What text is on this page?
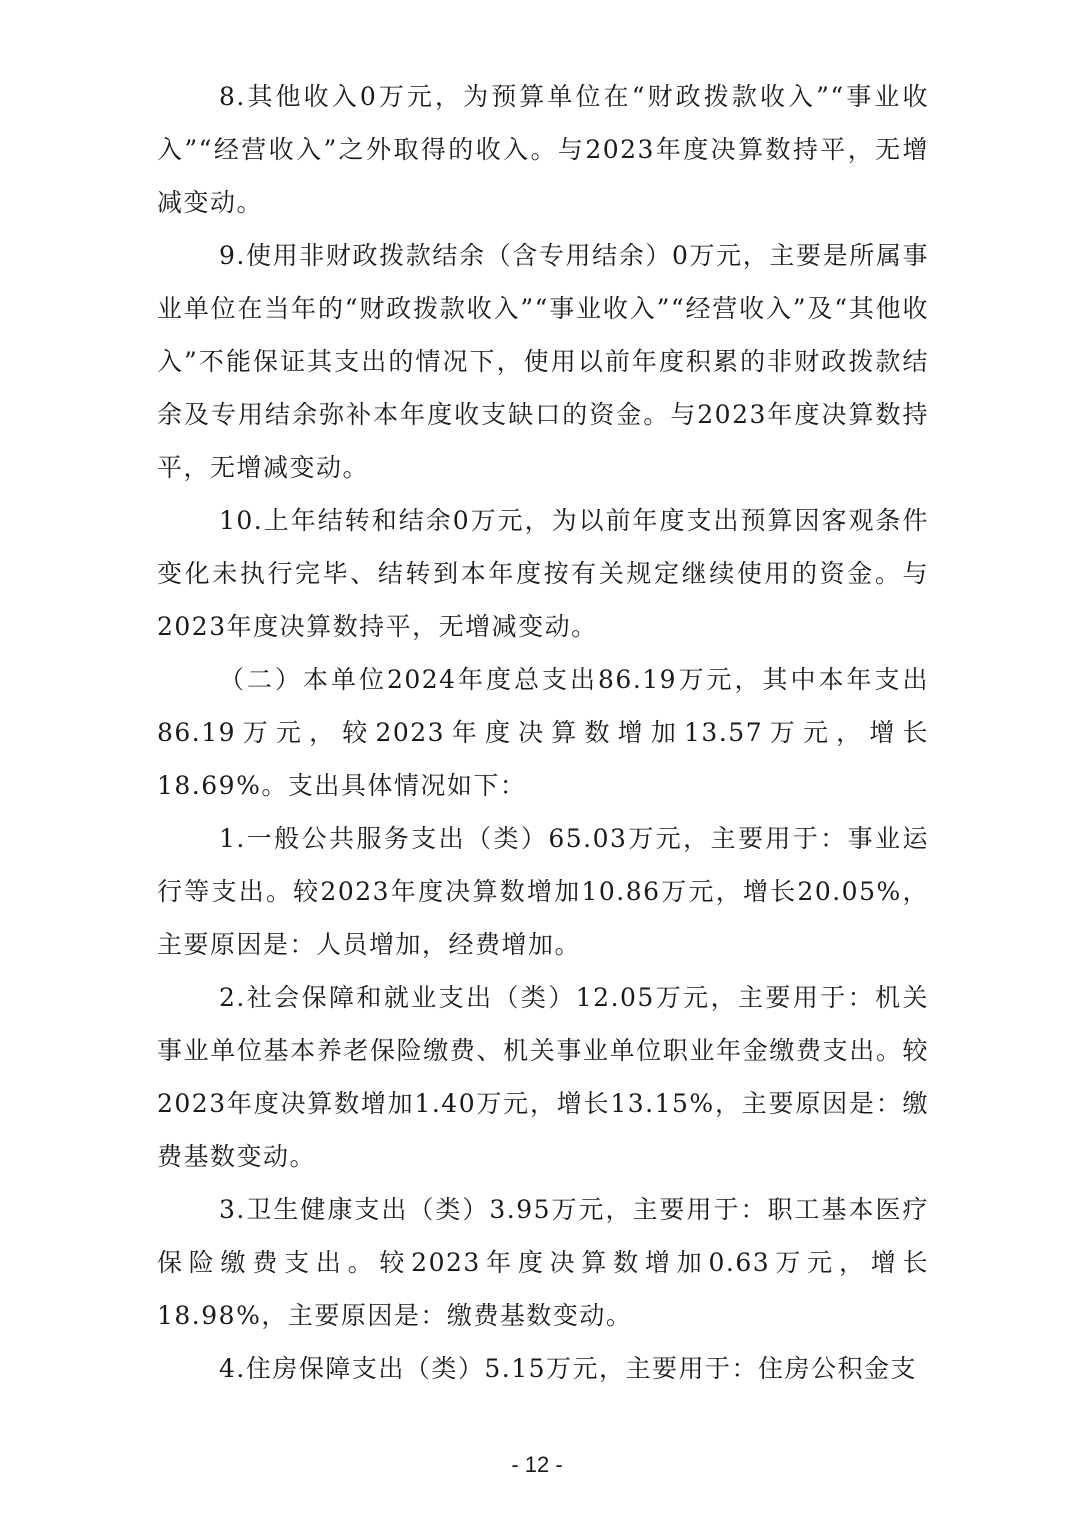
8.其他收入0万元，为预算单位在“财政拨款收入”“事业收入”“经营收入”之外取得的收入。与2023年度决算数持平，无增减变动。

9.使用非财政拨款结余（含专用结余）0万元，主要是所属事业单位在当年的“财政拨款收入”“事业收入”“经营收入”及“其他收入”不能保证其支出的情况下，使用以前年度积累的非财政拨款结余及专用结余弥补本年度收支缺口的资金。与2023年度决算数持平，无增减变动。

10.上年结转和结余0万元，为以前年度支出预算因客观条件变化未执行完毕、结转到本年度按有关规定继续使用的资金。与2023年度决算数持平，无增减变动。

（二）本单位2024年度总支出86.19万元，其中本年支出86.19万元，较2023年度决算数增加13.57万元，增长18.69%。支出具体情况如下：

1.一般公共服务支出（类）65.03万元，主要用于：事业运行等支出。较2023年度决算数增加10.86万元，增长20.05%，主要原因是：人员增加，经费增加。

2.社会保障和就业支出（类）12.05万元，主要用于：机关事业单位基本养老保险缴费、机关事业单位职业年金缴费支出。较2023年度决算数增加1.40万元，增长13.15%，主要原因是：缴费基数变动。

3.卫生健康支出（类）3.95万元，主要用于：职工基本医疗保险缴费支出。较2023年度决算数增加0.63万元，增长18.98%，主要原因是：缴费基数变动。

4.住房保障支出（类）5.15万元，主要用于：住房公积金支

- 12 -
